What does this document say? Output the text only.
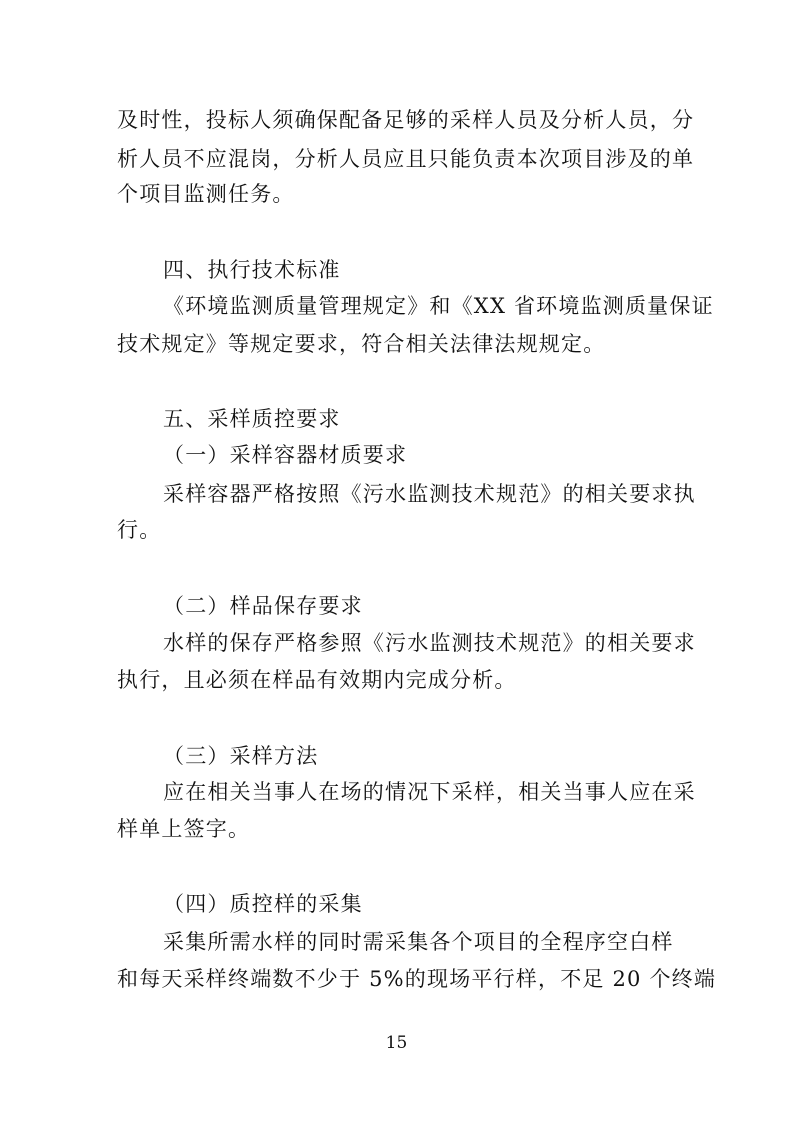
及时性，投标人须确保配备足够的采样人员及分析人员，分
析人员不应混岗，分析人员应且只能负责本次项目涉及的单
个项目监测任务。
四、执行技术标准
《环境监测质量管理规定》和《XX 省环境监测质量保证
技术规定》等规定要求，符合相关法律法规规定。
五、采样质控要求
（一）采样容器材质要求
采样容器严格按照《污水监测技术规范》的相关要求执
行。
（二）样品保存要求
水样的保存严格参照《污水监测技术规范》的相关要求
执行，且必须在样品有效期内完成分析。
（三）采样方法
应在相关当事人在场的情况下采样，相关当事人应在采
样单上签字。
（四）质控样的采集
采集所需水样的同时需采集各个项目的全程序空白样
和每天采样终端数不少于 5%的现场平行样，不足 20 个终端
15
